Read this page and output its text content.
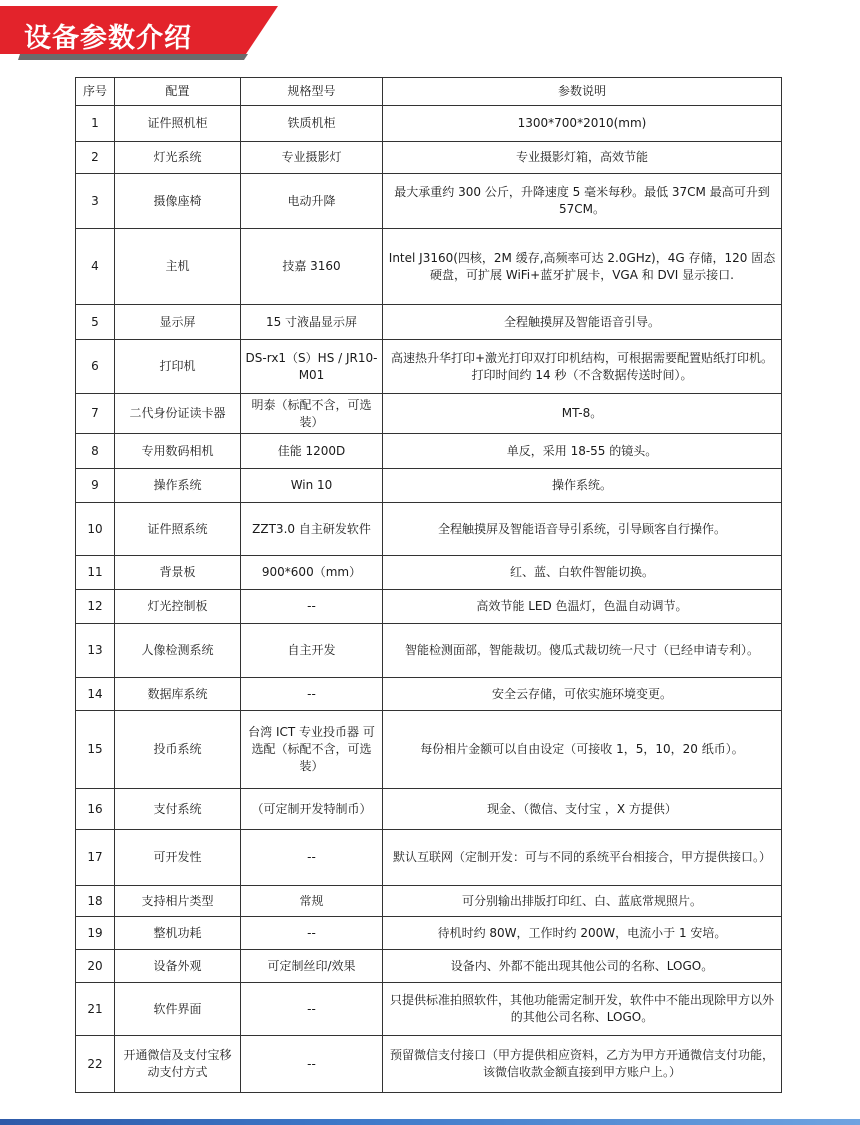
设备参数介绍
序号	配置	规格型号	参数说明
1	证件照机柜	铁质机柜	1300*700*2010(mm)
2	灯光系统	专业摄影灯	专业摄影灯箱，高效节能
3	摄像座椅	电动升降	最大承重约 300 公斤，升降速度 5 毫米每秒。最低 37CM 最高可升到 57CM。
4	主机	技嘉 3160	Intel J3160(四核，2M 缓存,高频率可达 2.0GHz)，4G 存储，120 固态硬盘，可扩展 WiFi+蓝牙扩展卡，VGA 和 DVI 显示接口.
5	显示屏	15 寸液晶显示屏	全程触摸屏及智能语音引导。
6	打印机	DS-rx1（S）HS / JR10-M01	高速热升华打印+激光打印双打印机结构，可根据需要配置贴纸打印机。打印时间约 14 秒（不含数据传送时间）。
7	二代身份证读卡器	明泰（标配不含，可选装）	MT-8。
8	专用数码相机	佳能 1200D	单反，采用 18-55 的镜头。
9	操作系统	Win 10	操作系统。
10	证件照系统	ZZT3.0 自主研发软件	全程触摸屏及智能语音导引系统，引导顾客自行操作。
11	背景板	900*600（mm）	红、蓝、白软件智能切换。
12	灯光控制板	--	高效节能 LED 色温灯，色温自动调节。
13	人像检测系统	自主开发	智能检测面部，智能裁切。傻瓜式裁切统一尺寸（已经申请专利）。
14	数据库系统	--	安全云存储，可依实施环境变更。
15	投币系统	台湾 ICT 专业投币器 可选配（标配不含，可选装）	每份相片金额可以自由设定（可接收 1，5，10，20 纸币）。
16	支付系统	（可定制开发特制币）	现金、（微信、支付宝 ，X 方提供）
17	可开发性	--	默认互联网（定制开发：可与不同的系统平台相接合，甲方提供接口。）
18	支持相片类型	常规	可分别输出排版打印红、白、蓝底常规照片。
19	整机功耗	--	待机时约 80W，工作时约 200W，电流小于 1 安培。
20	设备外观	可定制丝印/效果	设备内、外都不能出现其他公司的名称、LOGO。
21	软件界面	--	只提供标准拍照软件，其他功能需定制开发，软件中不能出现除甲方以外的其他公司名称、LOGO。
22	开通微信及支付宝移动支付方式	--	预留微信支付接口（甲方提供相应资料，乙方为甲方开通微信支付功能，该微信收款金额直接到甲方账户上。）
